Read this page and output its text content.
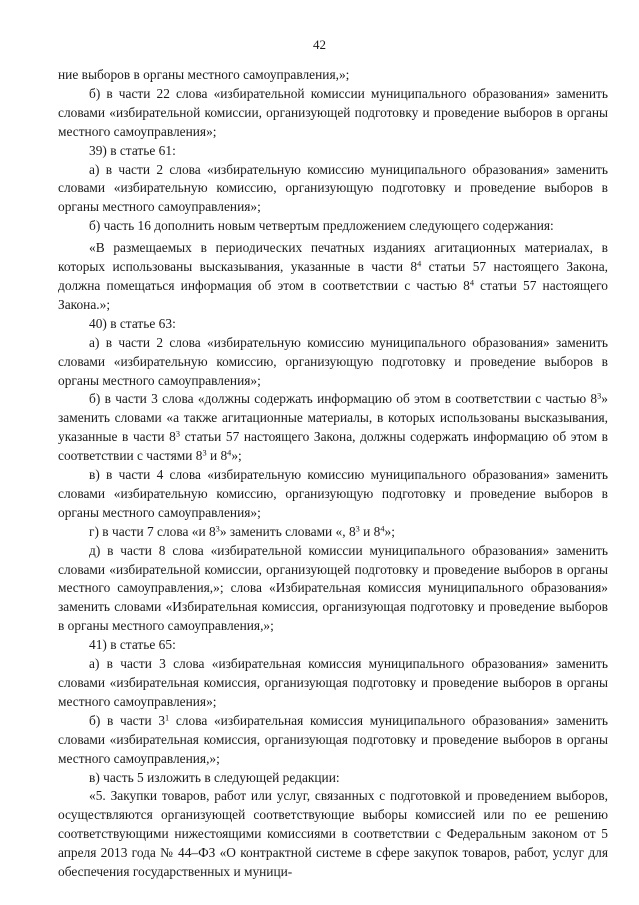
42

ние выборов в органы местного самоуправления,»;

б) в части 22 слова «избирательной комиссии муниципального образования» заменить словами «избирательной комиссии, организующей подготовку и проведение выборов в органы местного самоуправления»;

39) в статье 61:

а) в части 2 слова «избирательную комиссию муниципального образования» заменить словами «избирательную комиссию, организующую подготовку и проведение выборов в органы местного самоуправления»;

б) часть 16 дополнить новым четвертым предложением следующего содержания:

«В размещаемых в периодических печатных изданиях агитационных материалах, в которых использованы высказывания, указанные в части $8^4$ статьи 57 настоящего Закона, должна помещаться информация об этом в соответствии с частью $8^4$ статьи 57 настоящего Закона.»;

40) в статье 63:

а) в части 2 слова «избирательную комиссию муниципального образования» заменить словами «избирательную комиссию, организующую подготовку и проведение выборов в органы местного самоуправления»;

б) в части 3 слова «должны содержать информацию об этом в соответствии с частью $8^3$» заменить словами «а также агитационные материалы, в которых использованы высказывания, указанные в части $8^3$ статьи 57 настоящего Закона, должны содержать информацию об этом в соответствии с частями $8^3$ и $8^4$»;

в) в части 4 слова «избирательную комиссию муниципального образования» заменить словами «избирательную комиссию, организующую подготовку и проведение выборов в органы местного самоуправления»;

г) в части 7 слова «и $8^3$» заменить словами «, $8^3$ и $8^4$»;

д) в части 8 слова «избирательной комиссии муниципального образования» заменить словами «избирательной комиссии, организующей подготовку и проведение выборов в органы местного самоуправления,»; слова «Избирательная комиссия муниципального образования» заменить словами «Избирательная комиссия, организующая подготовку и проведение выборов в органы местного самоуправления,»;

41) в статье 65:

а) в части 3 слова «избирательная комиссия муниципального образования» заменить словами «избирательная комиссия, организующая подготовку и проведение выборов в органы местного самоуправления»;

б) в части $3^1$ слова «избирательная комиссия муниципального образования» заменить словами «избирательная комиссия, организующая подготовку и проведение выборов в органы местного самоуправления,»;

в) часть 5 изложить в следующей редакции:

«5. Закупки товаров, работ или услуг, связанных с подготовкой и проведением выборов, осуществляются организующей соответствующие выборы комиссией или по ее решению соответствующими нижестоящими комиссиями в соответствии с Федеральным законом от 5 апреля 2013 года № 44–ФЗ «О контрактной системе в сфере закупок товаров, работ, услуг для обеспечения государственных и муници-
